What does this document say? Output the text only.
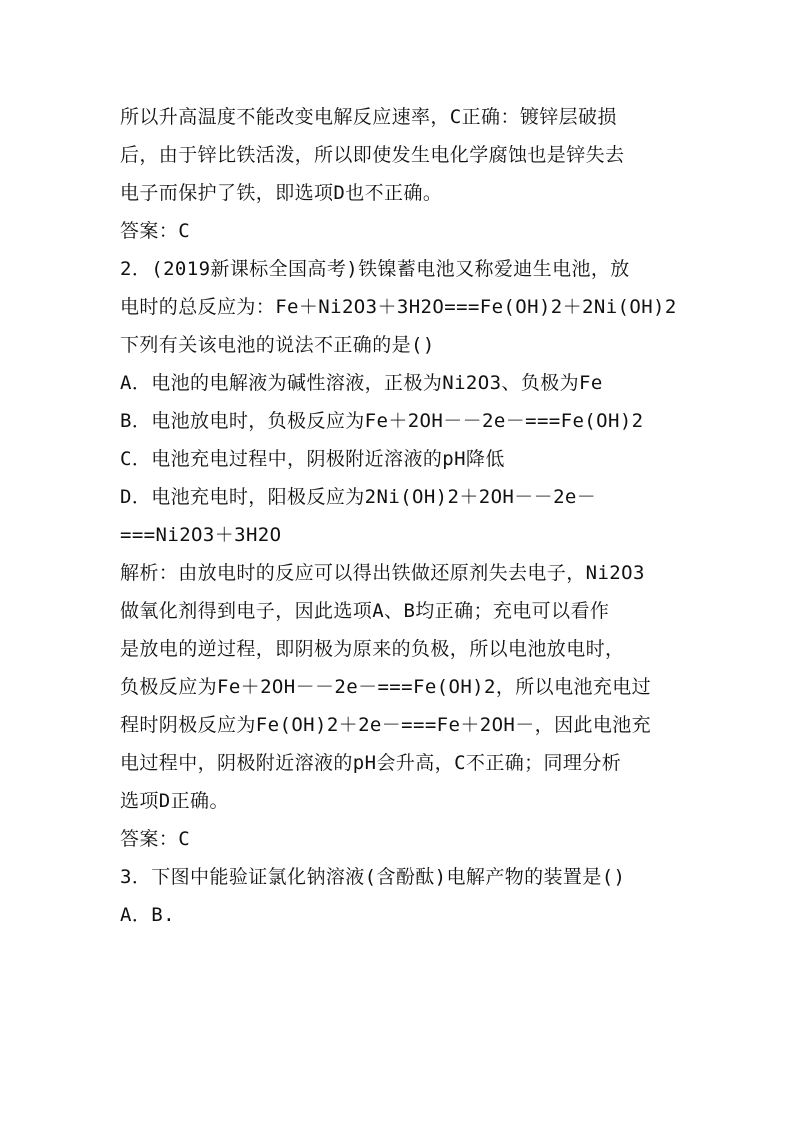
所以升高温度不能改变电解反应速率，C正确：镀锌层破损
后，由于锌比铁活泼，所以即使发生电化学腐蚀也是锌失去
电子而保护了铁，即选项D也不正确。
答案：C
2．(2019新课标全国高考)铁镍蓄电池又称爱迪生电池，放
电时的总反应为：Fe＋Ni2O3＋3H2O===Fe(OH)2＋2Ni(OH)2
下列有关该电池的说法不正确的是()
A．电池的电解液为碱性溶液，正极为Ni2O3、负极为Fe
B．电池放电时，负极反应为Fe＋2OH－－2e－===Fe(OH)2
C．电池充电过程中，阴极附近溶液的pH降低
D．电池充电时，阳极反应为2Ni(OH)2＋2OH－－2e－
===Ni2O3＋3H2O
解析：由放电时的反应可以得出铁做还原剂失去电子，Ni2O3
做氧化剂得到电子，因此选项A、B均正确；充电可以看作
是放电的逆过程，即阴极为原来的负极，所以电池放电时，
负极反应为Fe＋2OH－－2e－===Fe(OH)2，所以电池充电过
程时阴极反应为Fe(OH)2＋2e－===Fe＋2OH－，因此电池充
电过程中，阴极附近溶液的pH会升高，C不正确；同理分析
选项D正确。
答案：C
3．下图中能验证氯化钠溶液(含酚酞)电解产物的装置是()
A．B.
